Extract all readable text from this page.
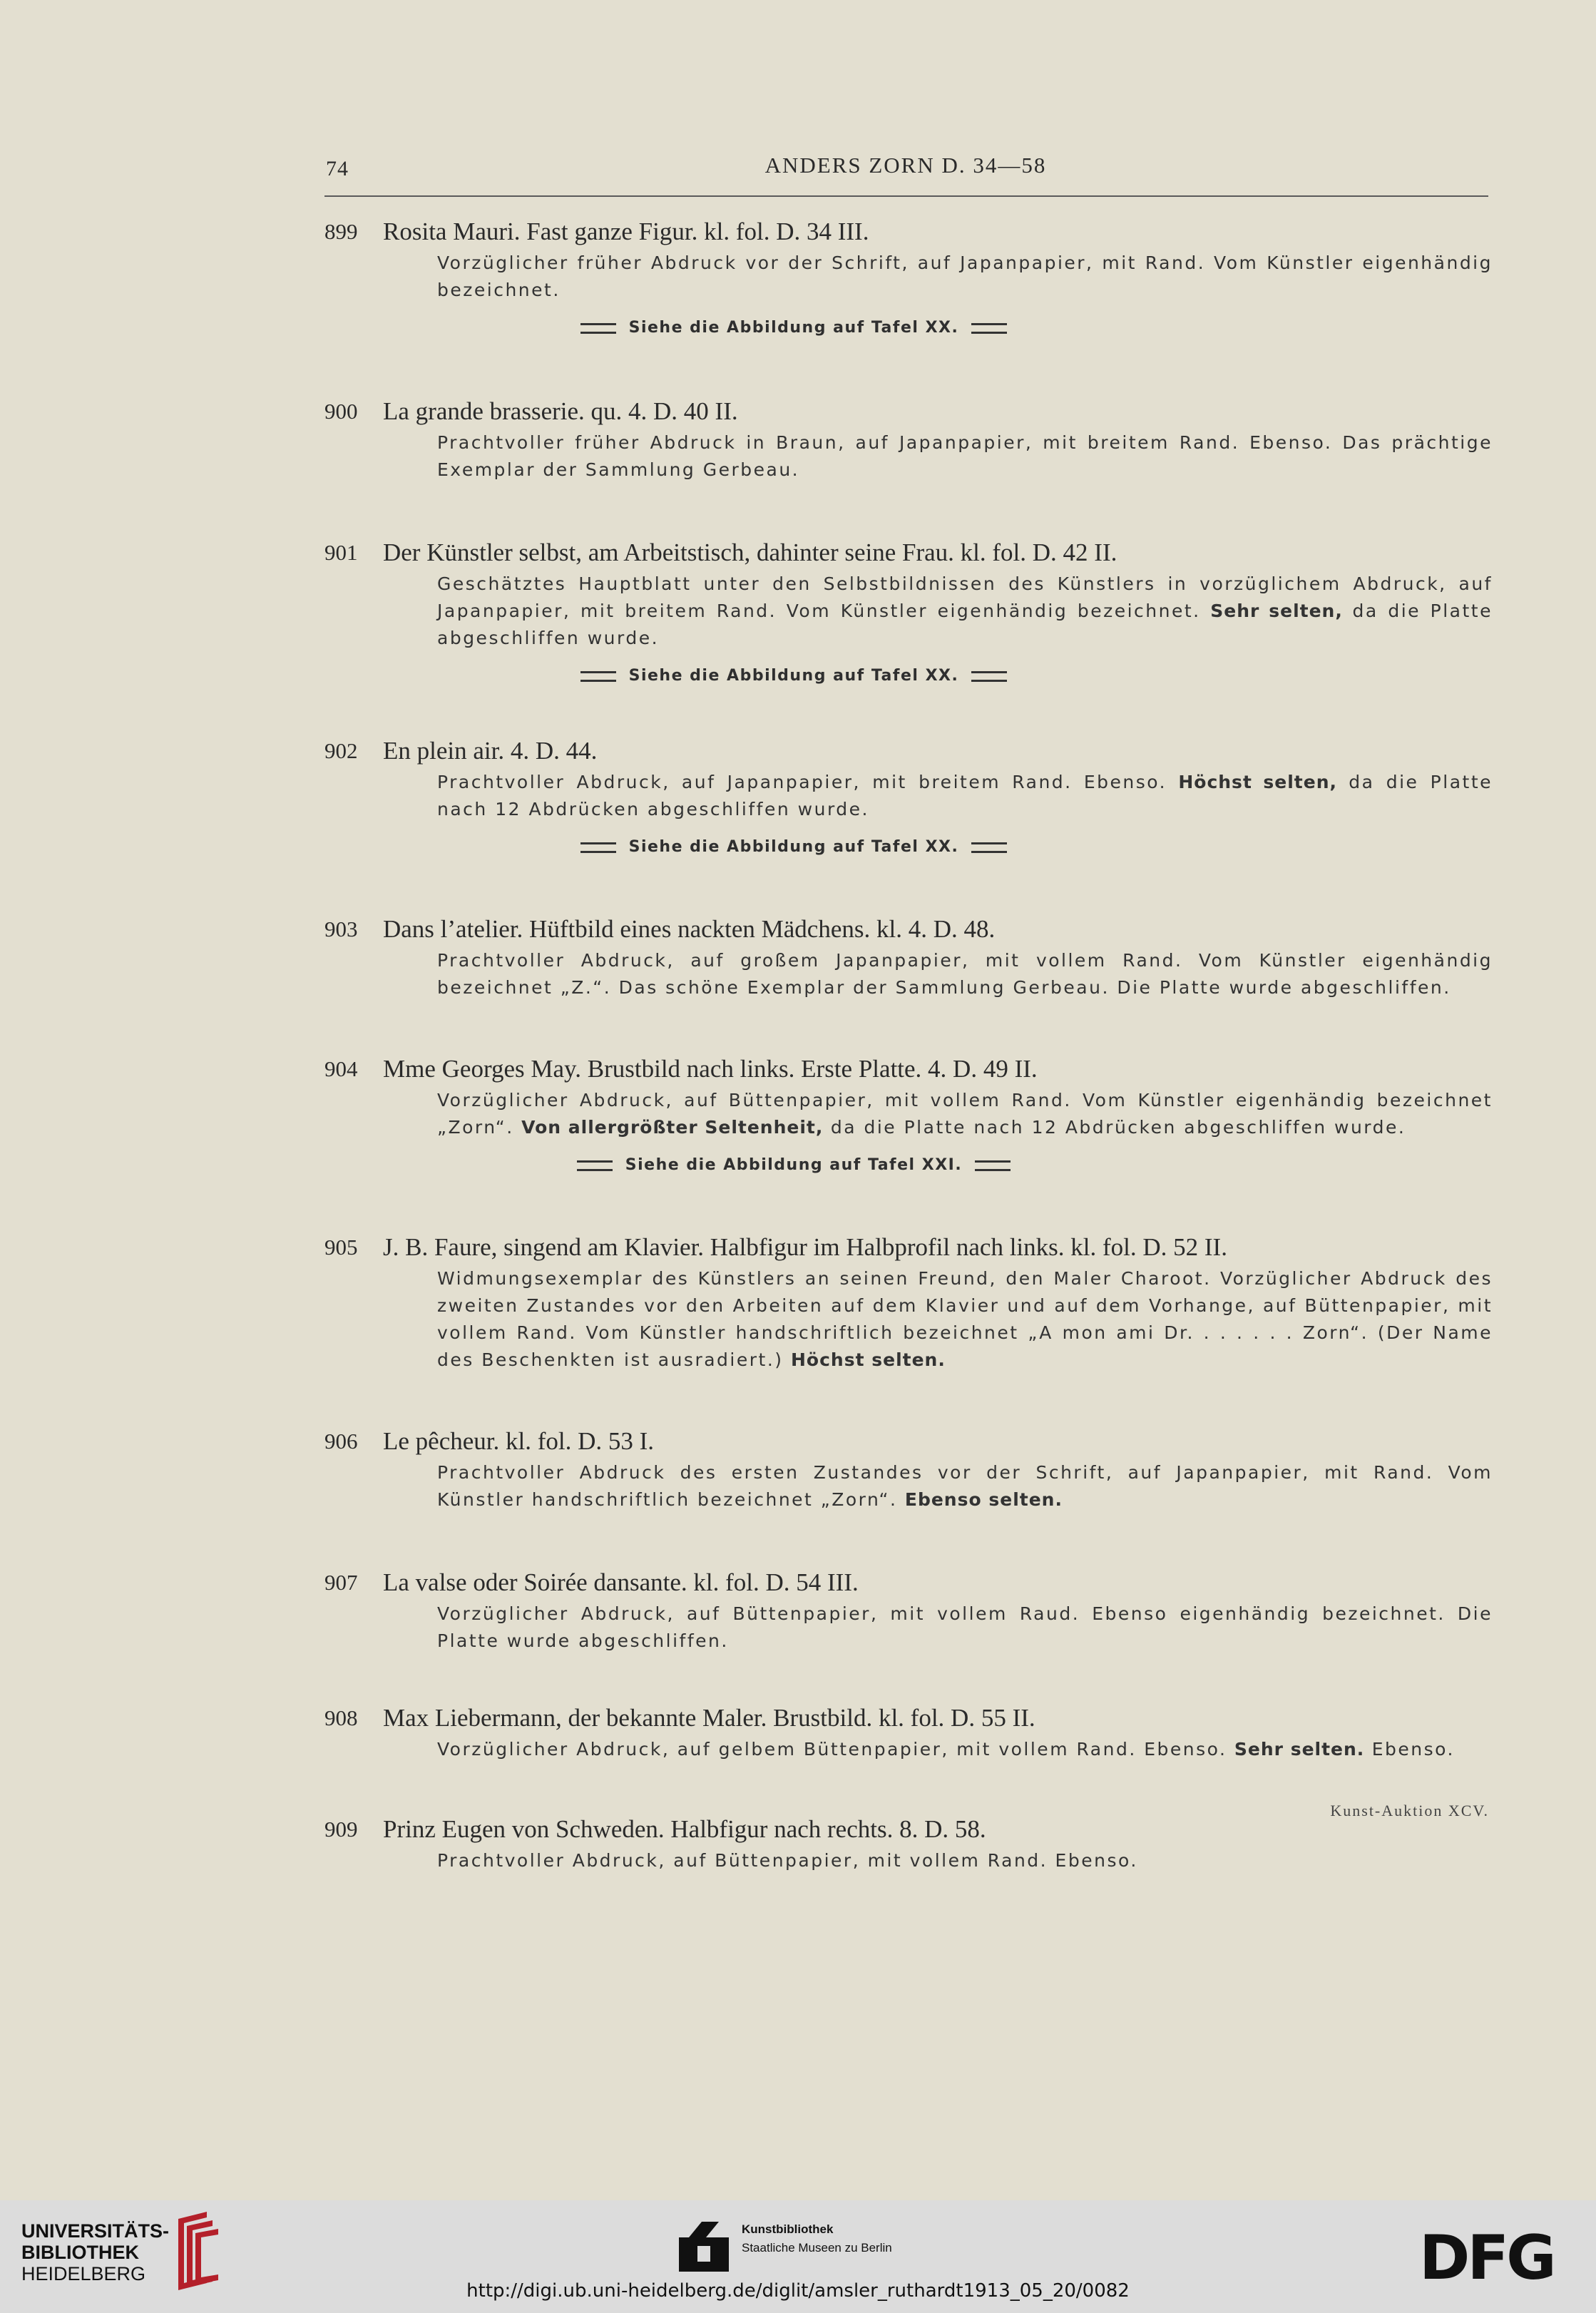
74	ANDERS ZORN D. 34—58
899	Rosita Mauri. Fast ganze Figur. kl. fol. D. 34 III.
Vorzüglicher früher Abdruck vor der Schrift, auf Japanpapier, mit Rand. Vom Künstler eigenhändig bezeichnet.
Siehe die Abbildung auf Tafel XX.
900	La grande brasserie. qu. 4. D. 40 II.
Prachtvoller früher Abdruck in Braun, auf Japanpapier, mit breitem Rand. Ebenso. Das prächtige Exemplar der Sammlung Gerbeau.
901	Der Künstler selbst, am Arbeitstisch, dahinter seine Frau. kl. fol. D. 42 II.
Geschätztes Hauptblatt unter den Selbstbildnissen des Künstlers in vorzüglichem Abdruck, auf Japanpapier, mit breitem Rand. Vom Künstler eigenhändig bezeichnet. Sehr selten, da die Platte abgeschliffen wurde.
Siehe die Abbildung auf Tafel XX.
902	En plein air. 4. D. 44.
Prachtvoller Abdruck, auf Japanpapier, mit breitem Rand. Ebenso. Höchst selten, da die Platte nach 12 Abdrücken abgeschliffen wurde.
Siehe die Abbildung auf Tafel XX.
903	Dans l’atelier. Hüftbild eines nackten Mädchens. kl. 4. D. 48.
Prachtvoller Abdruck, auf großem Japanpapier, mit vollem Rand. Vom Künstler eigenhändig bezeichnet „Z.“. Das schöne Exemplar der Sammlung Gerbeau. Die Platte wurde abgeschliffen.
904	Mme Georges May. Brustbild nach links. Erste Platte. 4. D. 49 II.
Vorzüglicher Abdruck, auf Büttenpapier, mit vollem Rand. Vom Künstler eigenhändig bezeichnet „Zorn“. Von allergrößter Seltenheit, da die Platte nach 12 Abdrücken abgeschliffen wurde.
Siehe die Abbildung auf Tafel XXI.
905	J. B. Faure, singend am Klavier. Halbfigur im Halbprofil nach links. kl. fol. D. 52 II.
Widmungsexemplar des Künstlers an seinen Freund, den Maler Charoot. Vorzüglicher Abdruck des zweiten Zustandes vor den Arbeiten auf dem Klavier und auf dem Vorhange, auf Büttenpapier, mit vollem Rand. Vom Künstler handschriftlich bezeichnet „A mon ami Dr. . . . . . . Zorn“. (Der Name des Beschenkten ist ausradiert.) Höchst selten.
906	Le pêcheur. kl. fol. D. 53 I.
Prachtvoller Abdruck des ersten Zustandes vor der Schrift, auf Japanpapier, mit Rand. Vom Künstler handschriftlich bezeichnet „Zorn“. Ebenso selten.
907	La valse oder Soirée dansante. kl. fol. D. 54 III.
Vorzüglicher Abdruck, auf Büttenpapier, mit vollem Raud. Ebenso eigenhändig bezeichnet. Die Platte wurde abgeschliffen.
908	Max Liebermann, der bekannte Maler. Brustbild. kl. fol. D. 55 II.
Vorzüglicher Abdruck, auf gelbem Büttenpapier, mit vollem Rand. Ebenso. Sehr selten. Ebenso.
909	Prinz Eugen von Schweden. Halbfigur nach rechts. 8. D. 58.
Prachtvoller Abdruck, auf Büttenpapier, mit vollem Rand. Ebenso.
Kunst-Auktion XCV.
UNIVERSITÄTS-
BIBLIOTHEK
HEIDELBERG
Kunstbibliothek
Staatliche Museen zu Berlin	DFG
http://digi.ub.uni-heidelberg.de/diglit/amsler_ruthardt1913_05_20/0082
